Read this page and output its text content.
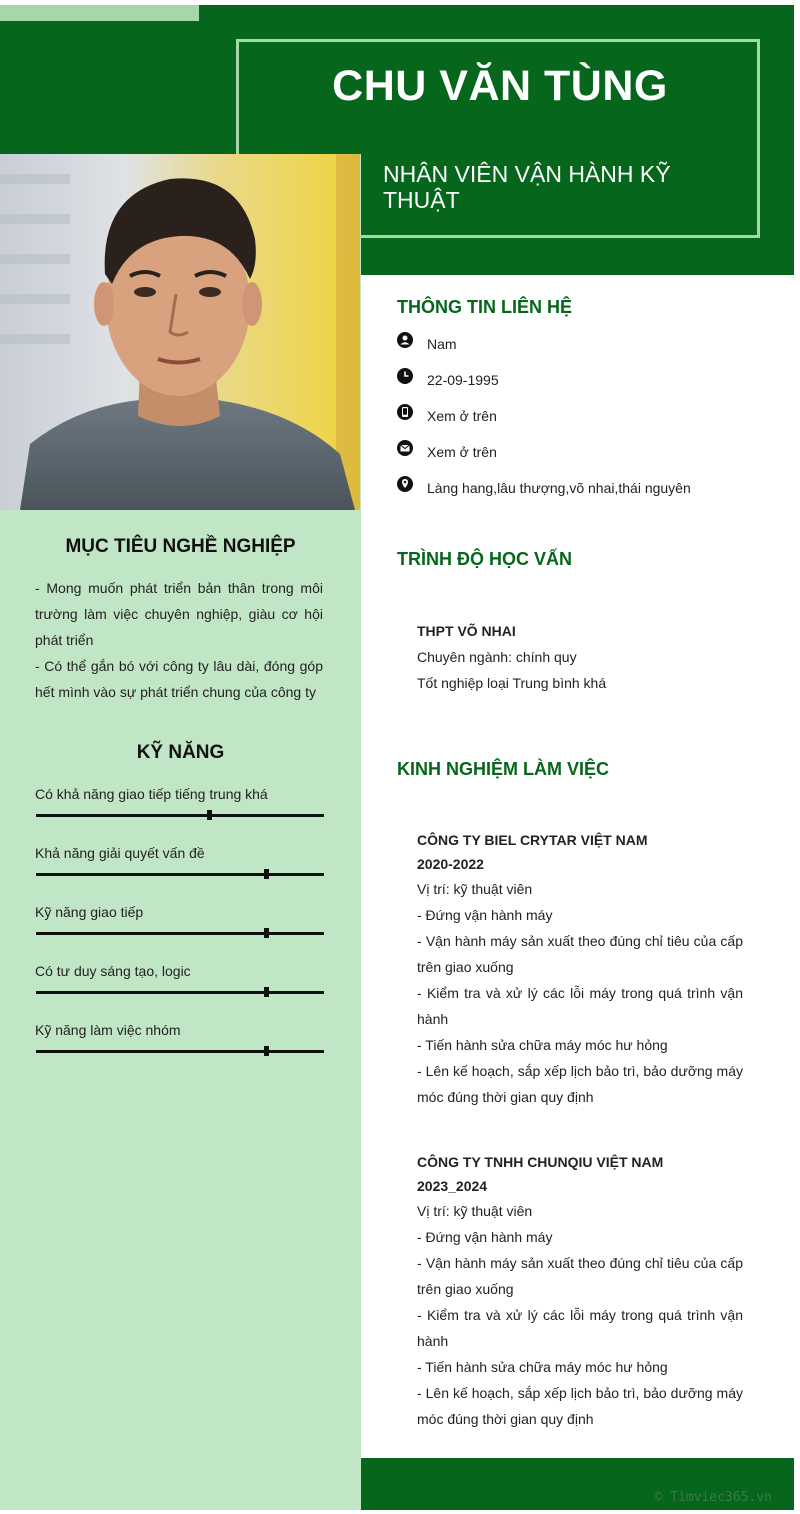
CHU VĂN TÙNG
NHÂN VIÊN VẬN HÀNH KỸ THUẬT
THÔNG TIN LIÊN HỆ
Nam
22-09-1995
Xem ở trên
Xem ở trên
Làng hang,lâu thượng,võ nhai,thái nguyên
MỤC TIÊU NGHỀ NGHIỆP
- Mong muốn phát triển bản thân trong môi trường làm việc chuyên nghiệp, giàu cơ hội phát triển
- Có thể gắn bó với công ty lâu dài, đóng góp hết mình vào sự phát triển chung của công ty
KỸ NĂNG
Có khả năng giao tiếp tiếng trung khá
Khả năng giải quyết vấn đề
Kỹ năng giao tiếp
Có tư duy sáng tạo, logic
Kỹ năng làm việc nhóm
TRÌNH ĐỘ HỌC VẤN
THPT VÕ NHAI
Chuyên ngành: chính quy
Tốt nghiệp loại Trung bình khá
KINH NGHIỆM LÀM VIỆC
CÔNG TY BIEL CRYTAR VIỆT NAM
2020-2022
Vị trí: kỹ thuật viên
- Đứng vận hành máy
- Vận hành máy sản xuất theo đúng chỉ tiêu của cấp trên giao xuống
- Kiểm tra và xử lý các lỗi máy trong quá trình vận hành
- Tiến hành sửa chữa máy móc hư hỏng
- Lên kế hoạch, sắp xếp lịch bảo trì, bảo dưỡng máy móc đúng thời gian quy định
CÔNG TY TNHH CHUNQIU VIỆT NAM
2023_2024
Vị trí: kỹ thuật viên
- Đứng vận hành máy
- Vận hành máy sản xuất theo đúng chỉ tiêu của cấp trên giao xuống
- Kiểm tra và xử lý các lỗi máy trong quá trình vận hành
- Tiến hành sửa chữa máy móc hư hỏng
- Lên kế hoạch, sắp xếp lịch bảo trì, bảo dưỡng máy móc đúng thời gian quy định
© Timviec365.vn
